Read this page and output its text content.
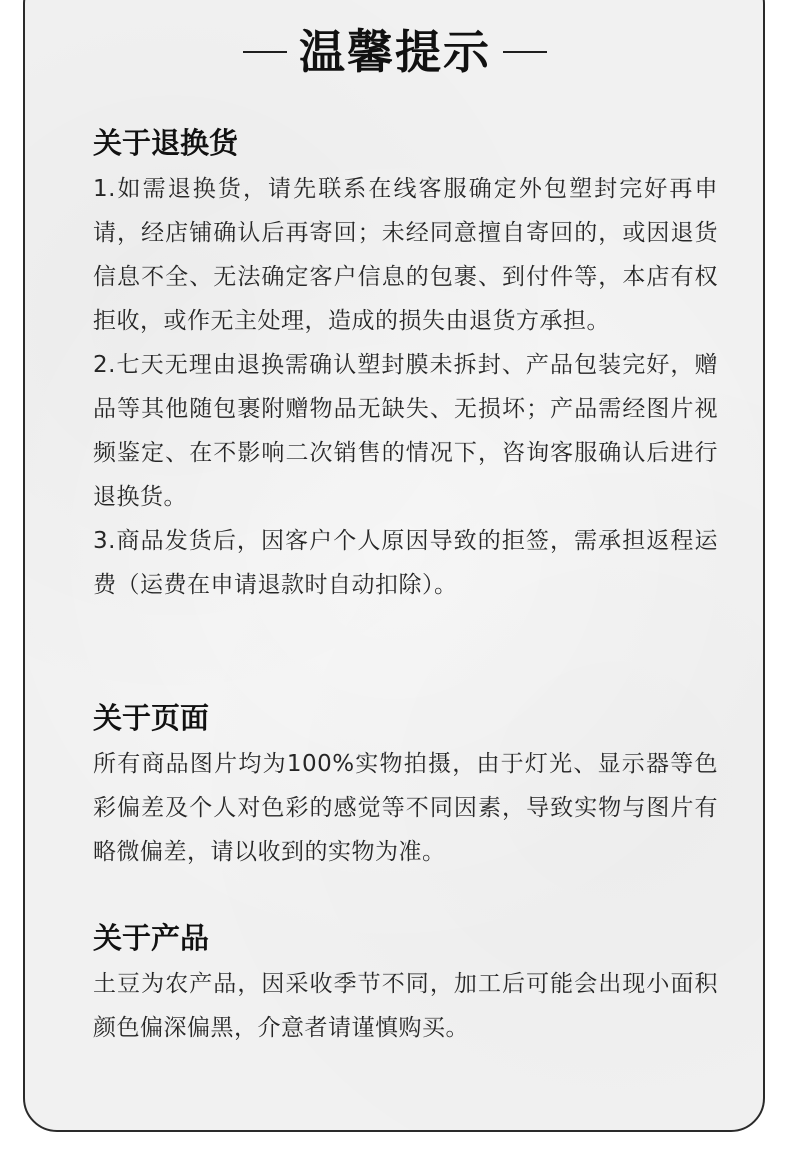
温馨提示
关于退换货

1.如需退换货，请先联系在线客服确定外包塑封完好再申请，经店铺确认后再寄回；未经同意擅自寄回的，或因退货信息不全、无法确定客户信息的包裹、到付件等，本店有权拒收，或作无主处理，造成的损失由退货方承担。

2.七天无理由退换需确认塑封膜未拆封、产品包装完好，赠品等其他随包裹附赠物品无缺失、无损坏；产品需经图片视频鉴定、在不影响二次销售的情况下，咨询客服确认后进行退换货。

3.商品发货后，因客户个人原因导致的拒签，需承担返程运费（运费在申请退款时自动扣除）。

关于页面

所有商品图片均为100%实物拍摄，由于灯光、显示器等色彩偏差及个人对色彩的感觉等不同因素，导致实物与图片有略微偏差，请以收到的实物为准。

关于产品

土豆为农产品，因采收季节不同，加工后可能会出现小面积颜色偏深偏黑，介意者请谨慎购买。
